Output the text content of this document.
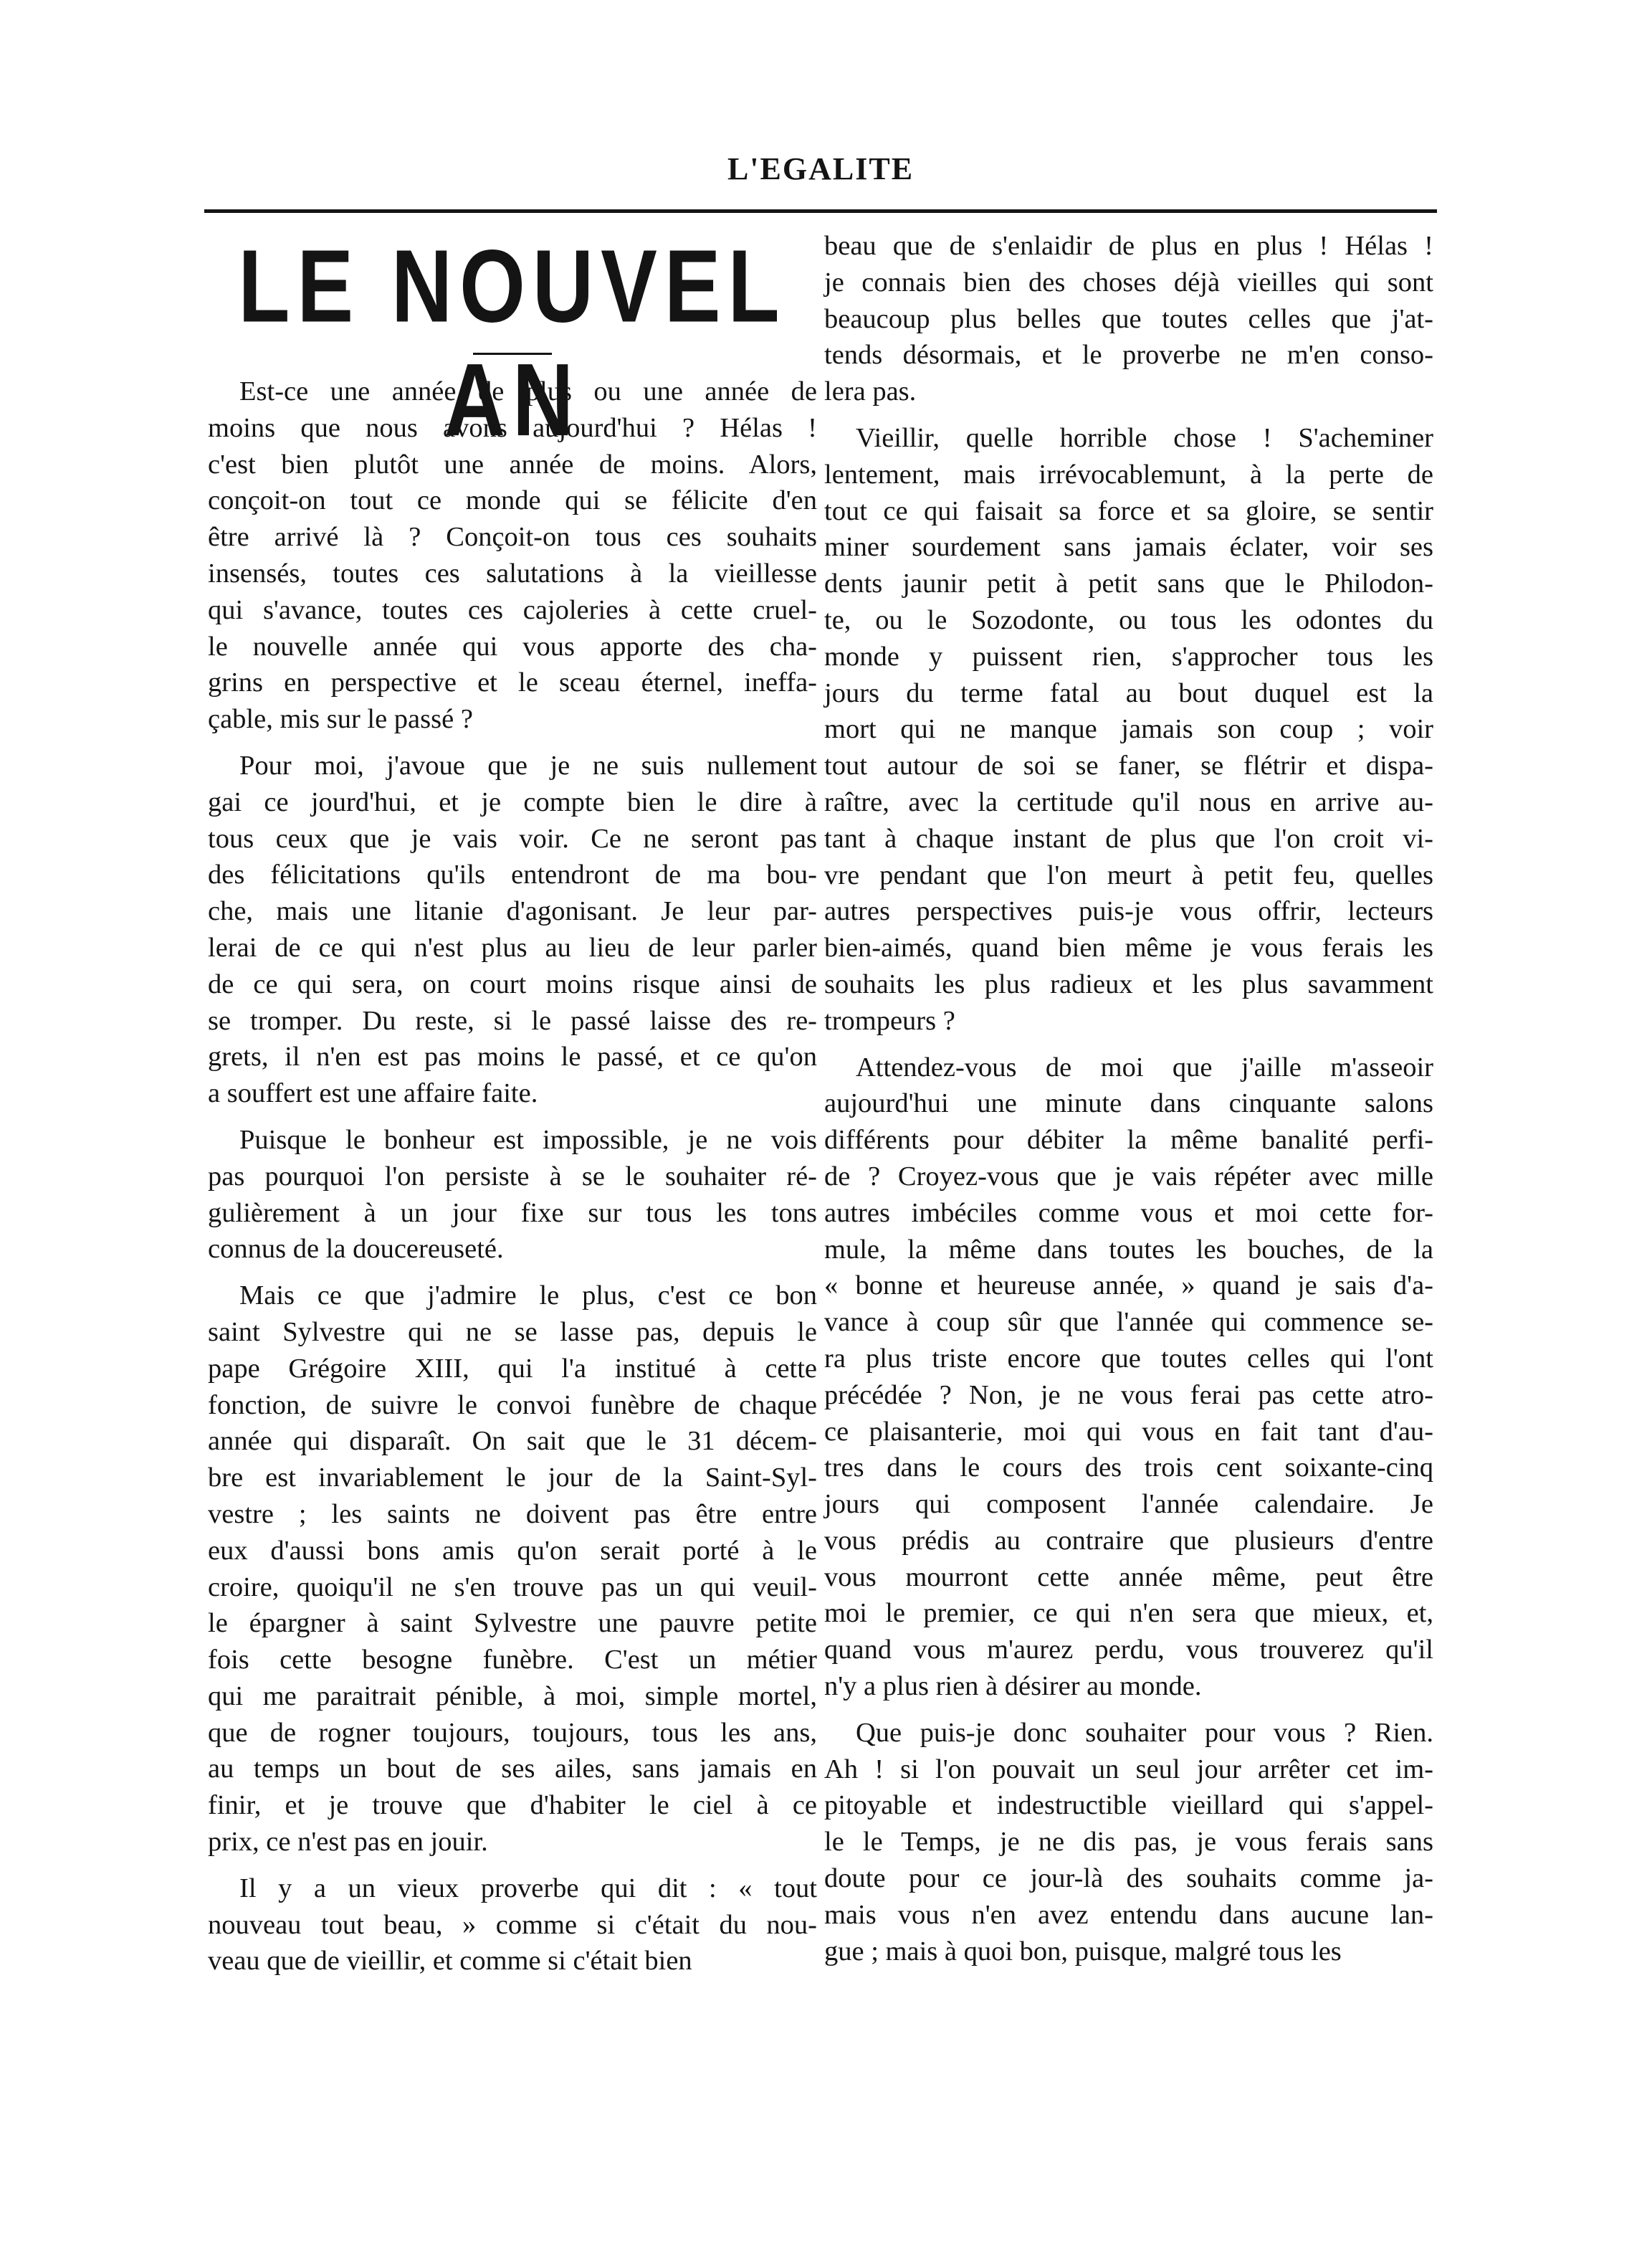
L'EGALITE
LE NOUVEL AN
Est-ce une année de plus ou une année de
moins que nous avons aujourd'hui ? Hélas !
c'est bien plutôt une année de moins. Alors,
conçoit-on tout ce monde qui se félicite d'en
être arrivé là ? Conçoit-on tous ces souhaits
insensés, toutes ces salutations à la vieillesse
qui s'avance, toutes ces cajoleries à cette cruel-
le nouvelle année qui vous apporte des cha-
grins en perspective et le sceau éternel, ineffa-
çable, mis sur le passé ?
Pour moi, j'avoue que je ne suis nullement
gai ce jourd'hui, et je compte bien le dire à
tous ceux que je vais voir. Ce ne seront pas
des félicitations qu'ils entendront de ma bou-
che, mais une litanie d'agonisant. Je leur par-
lerai de ce qui n'est plus au lieu de leur parler
de ce qui sera, on court moins risque ainsi de
se tromper. Du reste, si le passé laisse des re-
grets, il n'en est pas moins le passé, et ce qu'on
a souffert est une affaire faite.
Puisque le bonheur est impossible, je ne vois
pas pourquoi l'on persiste à se le souhaiter ré-
gulièrement à un jour fixe sur tous les tons
connus de la doucereuseté.
Mais ce que j'admire le plus, c'est ce bon
saint Sylvestre qui ne se lasse pas, depuis le
pape Grégoire XIII, qui l'a institué à cette
fonction, de suivre le convoi funèbre de chaque
année qui disparaît. On sait que le 31 décem-
bre est invariablement le jour de la Saint-Syl-
vestre ; les saints ne doivent pas être entre
eux d'aussi bons amis qu'on serait porté à le
croire, quoiqu'il ne s'en trouve pas un qui veuil-
le épargner à saint Sylvestre une pauvre petite
fois cette besogne funèbre. C'est un métier
qui me paraitrait pénible, à moi, simple mortel,
que de rogner toujours, toujours, tous les ans,
au temps un bout de ses ailes, sans jamais en
finir, et je trouve que d'habiter le ciel à ce
prix, ce n'est pas en jouir.
Il y a un vieux proverbe qui dit : « tout
nouveau tout beau, » comme si c'était du nou-
veau que de vieillir, et comme si c'était bien
beau que de s'enlaidir de plus en plus ! Hélas !
je connais bien des choses déjà vieilles qui sont
beaucoup plus belles que toutes celles que j'at-
tends désormais, et le proverbe ne m'en conso-
lera pas.
Vieillir, quelle horrible chose ! S'acheminer
lentement, mais irrévocablemunt, à la perte de
tout ce qui faisait sa force et sa gloire, se sentir
miner sourdement sans jamais éclater, voir ses
dents jaunir petit à petit sans que le Philodon-
te, ou le Sozodonte, ou tous les odontes du
monde y puissent rien, s'approcher tous les
jours du terme fatal au bout duquel est la
mort qui ne manque jamais son coup ; voir
tout autour de soi se faner, se flétrir et dispa-
raître, avec la certitude qu'il nous en arrive au-
tant à chaque instant de plus que l'on croit vi-
vre pendant que l'on meurt à petit feu, quelles
autres perspectives puis-je vous offrir, lecteurs
bien-aimés, quand bien même je vous ferais les
souhaits les plus radieux et les plus savamment
trompeurs ?
Attendez-vous de moi que j'aille m'asseoir
aujourd'hui une minute dans cinquante salons
différents pour débiter la même banalité perfi-
de ? Croyez-vous que je vais répéter avec mille
autres imbéciles comme vous et moi cette for-
mule, la même dans toutes les bouches, de la
« bonne et heureuse année, » quand je sais d'a-
vance à coup sûr que l'année qui commence se-
ra plus triste encore que toutes celles qui l'ont
précédée ? Non, je ne vous ferai pas cette atro-
ce plaisanterie, moi qui vous en fait tant d'au-
tres dans le cours des trois cent soixante-cinq
jours qui composent l'année calendaire. Je
vous prédis au contraire que plusieurs d'entre
vous mourront cette année même, peut être
moi le premier, ce qui n'en sera que mieux, et,
quand vous m'aurez perdu, vous trouverez qu'il
n'y a plus rien à désirer au monde.
Que puis-je donc souhaiter pour vous ? Rien.
Ah ! si l'on pouvait un seul jour arrêter cet im-
pitoyable et indestructible vieillard qui s'appel-
le le Temps, je ne dis pas, je vous ferais sans
doute pour ce jour-là des souhaits comme ja-
mais vous n'en avez entendu dans aucune lan-
gue ; mais à quoi bon, puisque, malgré tous les
